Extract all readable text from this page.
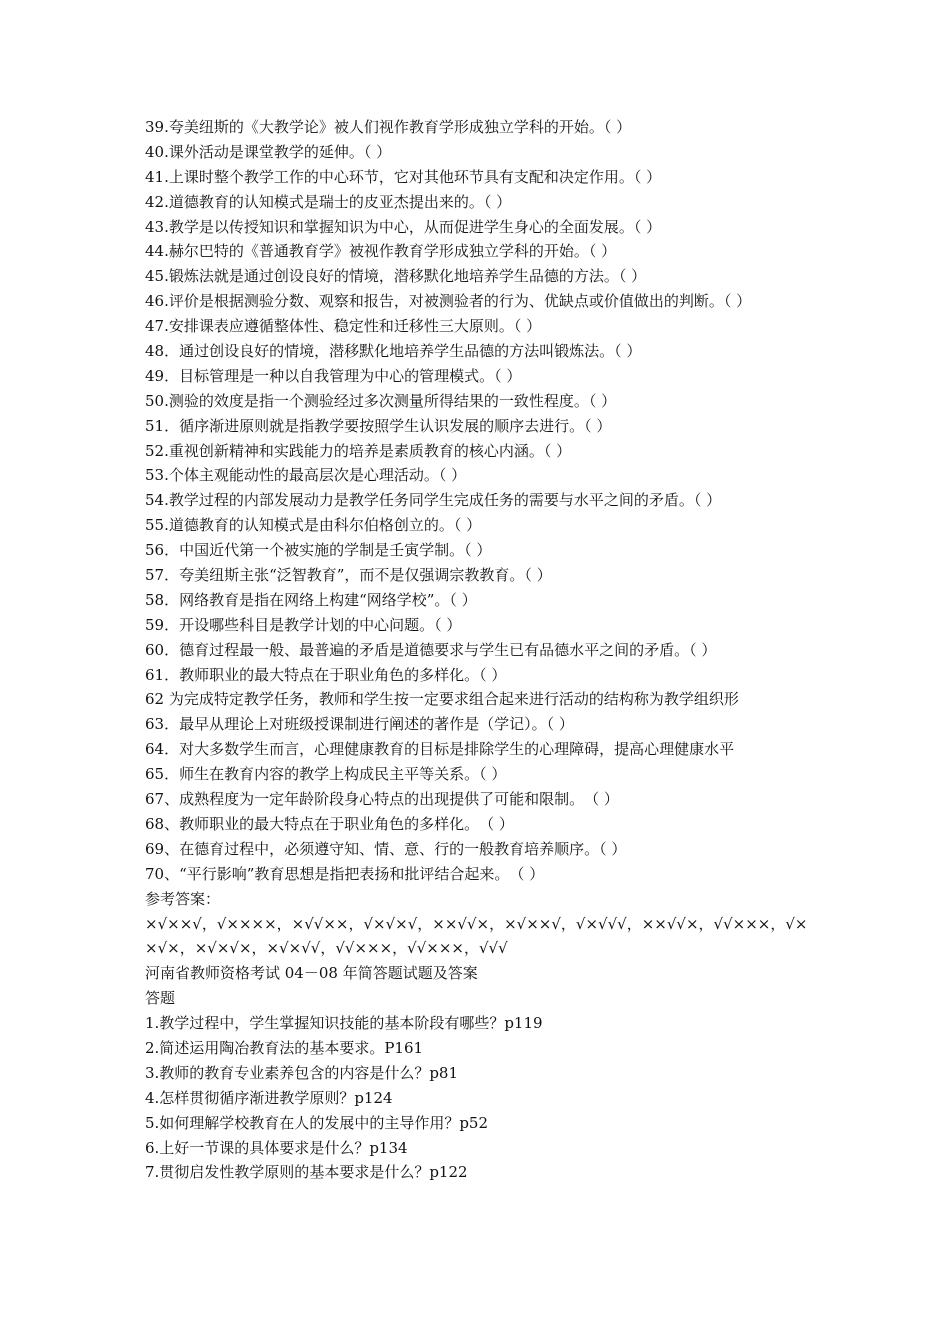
39.夸美纽斯的《大教学论》被人们视作教育学形成独立学科的开始。（ ）
40.课外活动是课堂教学的延伸。（ ）
41.上课时整个教学工作的中心环节，它对其他环节具有支配和决定作用。（ ）
42.道德教育的认知模式是瑞士的皮亚杰提出来的。（ ）
43.教学是以传授知识和掌握知识为中心，从而促进学生身心的全面发展。（ ）
44.赫尔巴特的《普通教育学》被视作教育学形成独立学科的开始。（ ）
45.锻炼法就是通过创设良好的情境，潜移默化地培养学生品德的方法。（ ）
46.评价是根据测验分数、观察和报告，对被测验者的行为、优缺点或价值做出的判断。（ ）
47.安排课表应遵循整体性、稳定性和迁移性三大原则。（ ）
48．通过创设良好的情境，潜移默化地培养学生品德的方法叫锻炼法。（ ）
49．目标管理是一种以自我管理为中心的管理模式。（ ）
50.测验的效度是指一个测验经过多次测量所得结果的一致性程度。（ ）
51．循序渐进原则就是指教学要按照学生认识发展的顺序去进行。（ ）
52.重视创新精神和实践能力的培养是素质教育的核心内涵。（ ）
53.个体主观能动性的最高层次是心理活动。（ ）
54.教学过程的内部发展动力是教学任务同学生完成任务的需要与水平之间的矛盾。（ ）
55.道德教育的认知模式是由科尔伯格创立的。（ ）
56．中国近代第一个被实施的学制是壬寅学制。（ ）
57．夸美纽斯主张“泛智教育”，而不是仅强调宗教教育。（ ）
58．网络教育是指在网络上构建“网络学校”。（ ）
59．开设哪些科目是教学计划的中心问题。（ ）
60．德育过程最一般、最普遍的矛盾是道德要求与学生已有品德水平之间的矛盾。（ ）
61．教师职业的最大特点在于职业角色的多样化。（ ）
62 为完成特定教学任务，教师和学生按一定要求组合起来进行活动的结构称为教学组织形
63．最早从理论上对班级授课制进行阐述的著作是（学记）。（ ）
64．对大多数学生而言，心理健康教育的目标是排除学生的心理障碍，提高心理健康水平
65．师生在教育内容的教学上构成民主平等关系。（ ）
67、成熟程度为一定年龄阶段身心特点的出现提供了可能和限制。　（ ）
68、教师职业的最大特点在于职业角色的多样化。　（ ）
69、在德育过程中，必须遵守知、情、意、行的一般教育培养顺序。（ ）
70、“平行影响”教育思想是指把表扬和批评结合起来。　（ ）
参考答案：
×√××√，√××××，×√√××，√×√×√，××√√×，×√××√，√×√√√，××√√×，√√×××，√××√×，×√×√×，×√×√√，√√×××，√√×××，√√√
河南省教师资格考试 04－08 年简答题试题及答案
答题
1.教学过程中，学生掌握知识技能的基本阶段有哪些？p119
2.简述运用陶冶教育法的基本要求。P161
3.教师的教育专业素养包含的内容是什么？p81
4.怎样贯彻循序渐进教学原则？p124
5.如何理解学校教育在人的发展中的主导作用？p52
6.上好一节课的具体要求是什么？p134
7.贯彻启发性教学原则的基本要求是什么？p122
